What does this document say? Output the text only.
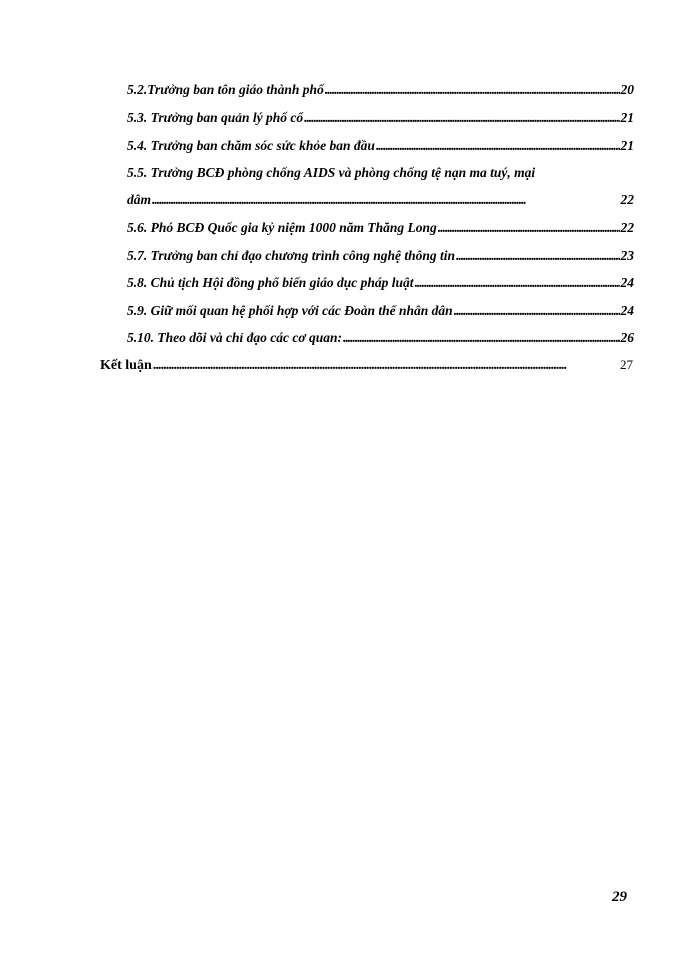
5.2.Trưởng ban tôn giáo thành phố . . .	20
5.3. Trưởng ban quản lý phố cổ . . .	21
5.4. Trưởng ban chăm sóc sức khỏe ban đầu . . .	21
5.5. Trưởng BCĐ phòng chống AIDS và phòng chống tệ nạn ma tuý, mại
dâm . . .	22
5.6. Phó BCĐ Quốc gia kỷ niệm 1000 năm Thăng Long . . .	22
5.7. Trưởng ban chỉ đạo chương trình công nghệ thông tin . . .	23
5.8. Chủ tịch Hội đồng phổ biến giáo dục pháp luật . . .	24
5.9. Giữ mối quan hệ phối hợp với các Đoàn thể nhân dân . . .	24
5.10. Theo dõi và chỉ đạo các cơ quan: . . .	26
Kết luận . . .	27
29
